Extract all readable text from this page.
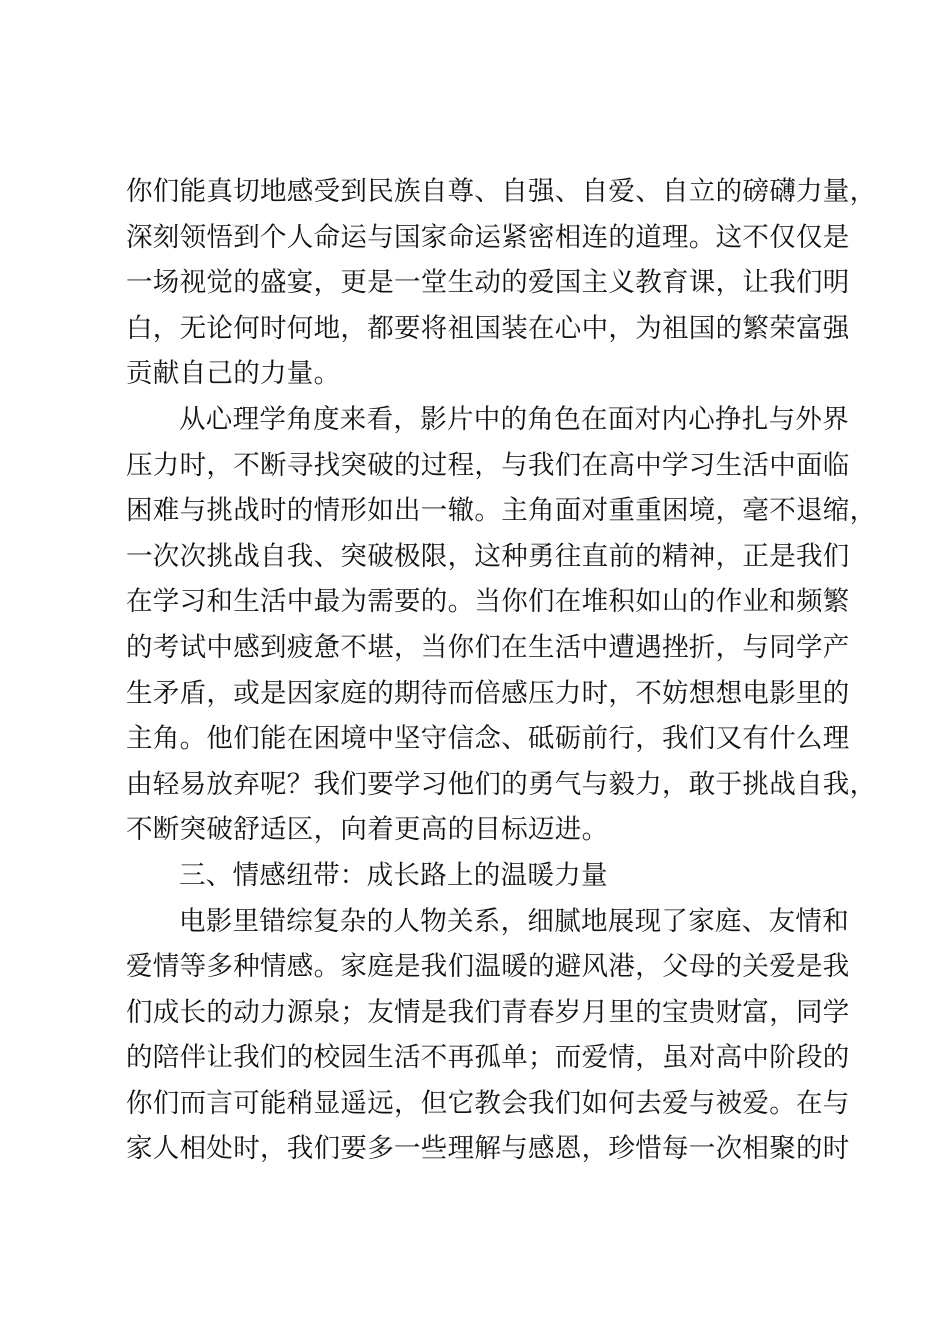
你们能真切地感受到民族自尊、自强、自爱、自立的磅礴力量，
深刻领悟到个人命运与国家命运紧密相连的道理。这不仅仅是
一场视觉的盛宴，更是一堂生动的爱国主义教育课，让我们明
白，无论何时何地，都要将祖国装在心中，为祖国的繁荣富强
贡献自己的力量。
从心理学角度来看，影片中的角色在面对内心挣扎与外界
压力时，不断寻找突破的过程，与我们在高中学习生活中面临
困难与挑战时的情形如出一辙。主角面对重重困境，毫不退缩，
一次次挑战自我、突破极限，这种勇往直前的精神，正是我们
在学习和生活中最为需要的。当你们在堆积如山的作业和频繁
的考试中感到疲惫不堪，当你们在生活中遭遇挫折，与同学产
生矛盾，或是因家庭的期待而倍感压力时，不妨想想电影里的
主角。他们能在困境中坚守信念、砥砺前行，我们又有什么理
由轻易放弃呢？我们要学习他们的勇气与毅力，敢于挑战自我，
不断突破舒适区，向着更高的目标迈进。
三、情感纽带：成长路上的温暖力量
电影里错综复杂的人物关系，细腻地展现了家庭、友情和
爱情等多种情感。家庭是我们温暖的避风港，父母的关爱是我
们成长的动力源泉；友情是我们青春岁月里的宝贵财富，同学
的陪伴让我们的校园生活不再孤单；而爱情，虽对高中阶段的
你们而言可能稍显遥远，但它教会我们如何去爱与被爱。在与
家人相处时，我们要多一些理解与感恩，珍惜每一次相聚的时
